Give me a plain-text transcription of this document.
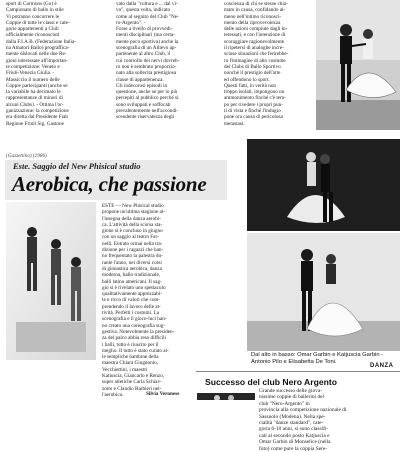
sport di Cormons (Go) è

Campionato di ballo in stile

Vi potranno concorrere le

Coppie di tutte le classi e cate-

gorie appartenenti a Club

ufficialmente riconosciuti

dalla F.I.A.B. (Federazione Italia-

na Amatori Ballo) prograffica-

mente dislocati nelle due Re-

gioni interessate all'importan-

te competizione: Veneto e

Friuli-Venezia Giulia. -

Massiccio il numero delle

Coppie partecipanti (anche se

la variabile ha decimato le

rappresentanze di minori di

alcuni Clubs). - Ottima l'or-

ganizzazione: la competizione

era diretta dal Presidente Fiab

Regione Friuli Sig. Gastone

vato dalla "cultura e ... dal vi-

vo", questa volta, indicato

come al segnito del Club "Ne-

ro-Argento". -

Forse a livello di provvedi-

menti disciplinari (ma certa-

mente poco sportiva) anche la

scenografia di un Allievo ap-

partenente al altro Club, il

cui controllo dei nervi dovreb-

ro non è sembrato proporzio-

nato alla sollecita prestigiosa

classe di appartenenza.

Gli indecorosi episodi in

questione, anche se per lo più

percepiti al pubblico perché si

sono sviluppati e soffocati

prevalentemente nell'accondi-

scendente riservatezza degli

coscienza di chi se stesse chia-

mato in causa, confidando al-

meno nell'intimo riconosci-

mento della riprovevolezza

delle azioni compiute dagli in-

teressati, e con l'intenzione di

scoraggiare ragionevolmente

il ripetersi di analoghe incre-

sciose situazioni che ferirebbe-

ro l'immagine di alto costume

dei Clubs di Ballo Sportivo

nonché il prestigio dell'arte

ed offendono lo sport.

Questi fatti, in verità non

troppo isolati, impongono un

ammonimento finché c'è tem-

po per rivedere i propri pun-

ti di vista e finché l'indugio

pone ora causa di pericolosa

metastasi.

(Gazzettino) (1986)
Este. Saggio del New Phisical studio
Aerobica, che passione

ESTE — New Phisical studio

propone un'ultima stagione al-

l'insegna della danza aerobi-

ca. L'attività della scorsa sta-

gione si è concluso in giugno

con un saggio al teatro Far-

nelli. Entrato ormai nella tra-

dizione per i ragazzi che han-

no frequentato la palestra du-

rante l'anno, nei diversi corsi

di ginnastica aerobica, danza

moderna, ballo tradizionale,

balli latino americani. Il sag-

gio si è rivelato uno spettacolo

qualitativamente apprezzabi-

le e ricco di valori che com-

prendendo il lavoro delle at-

tività. Perfetti i costumi. La

scenografia e il gioco-luci han-

no creato una coreografia sug-

gestiva. Notevolmente la presiden-

za del palco abbia reso difficili

i balli, tutto è riuscito per il

meglio. Il tutto è stato curato al-

le sempliche bambine della

maestra Chiara Giugnonio,

Vecchiettini, i maestri

Katiuscia, Giancarlo e Renzo,

super atletiche Carla Schiav-

zotto e Claudio Barbieri nel-

l'aerobica.	Silvia Veronese
Dal alto in basso: Omar Garbin e Katjuscia Garbin - Antonio Pilo e Elisabetta De Toni.
DANZA
Successo del club Nero Argento

Grande successo delle giova-

nissime coppie di ballerini del

club "Nero-Argento" in

provincia alla competizione nazionale di

Sassuolo (Modena). Nella spe-

cialità "danze standard", cate-

goria 6-10 anni, si sono classifi-

cati al secondo posto Katjuscia e

Omar Garbin di Monselice (nella

foto) come pure la coppia Sere-
